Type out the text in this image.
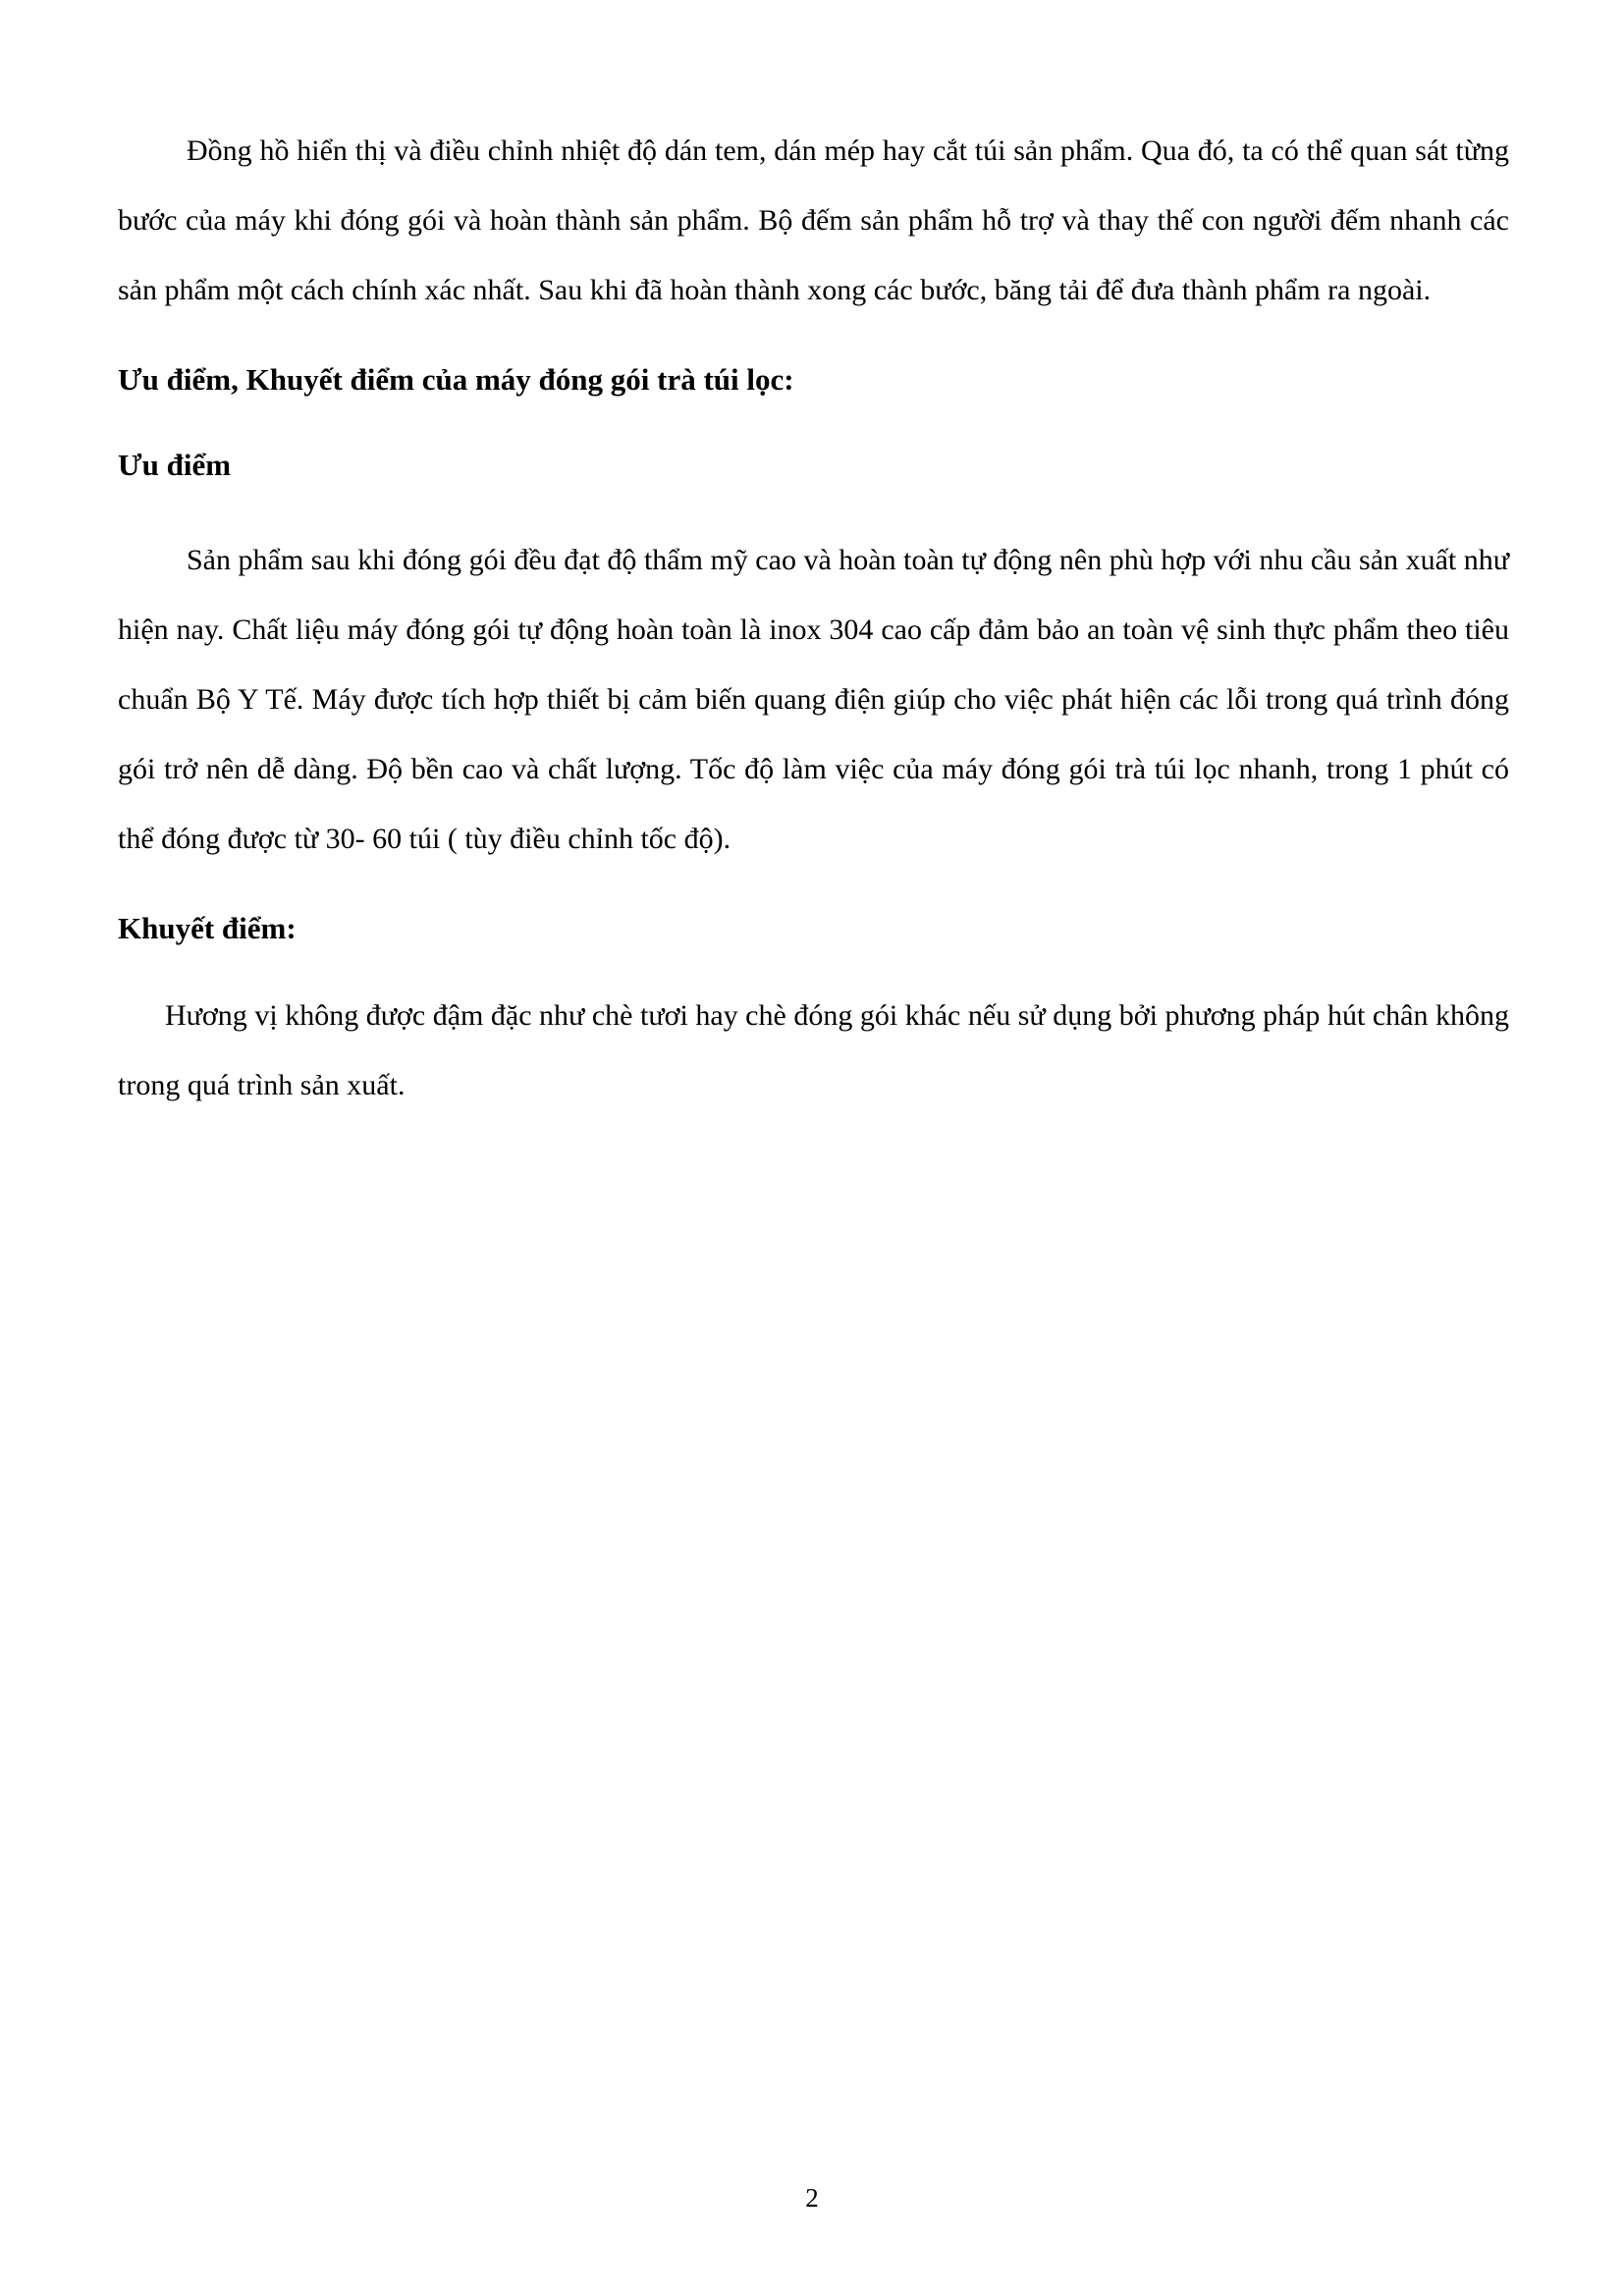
Đồng hồ hiển thị và điều chỉnh nhiệt độ dán tem, dán mép hay cắt túi sản phẩm. Qua đó, ta có thể quan sát từng bước của máy khi đóng gói và hoàn thành sản phẩm. Bộ đếm sản phẩm hỗ trợ và thay thế con người đếm nhanh các sản phẩm một cách chính xác nhất. Sau khi đã hoàn thành xong các bước, băng tải để đưa thành phẩm ra ngoài.

Ưu điểm, Khuyết điểm của máy đóng gói trà túi lọc:
Ưu điểm

Sản phẩm sau khi đóng gói đều đạt độ thẩm mỹ cao và hoàn toàn tự động nên phù hợp với nhu cầu sản xuất như hiện nay. Chất liệu máy đóng gói tự động hoàn toàn là inox 304 cao cấp đảm bảo an toàn vệ sinh thực phẩm theo tiêu chuẩn Bộ Y Tế. Máy được tích hợp thiết bị cảm biến quang điện giúp cho việc phát hiện các lỗi trong quá trình đóng gói trở nên dễ dàng. Độ bền cao và chất lượng. Tốc độ làm việc của máy đóng gói trà túi lọc nhanh, trong 1 phút có thể đóng được từ 30- 60 túi ( tùy điều chỉnh tốc độ).

Khuyết điểm:

Hương vị không được đậm đặc như chè tươi hay chè đóng gói khác nếu sử dụng bởi phương pháp hút chân không trong quá trình sản xuất.

2
